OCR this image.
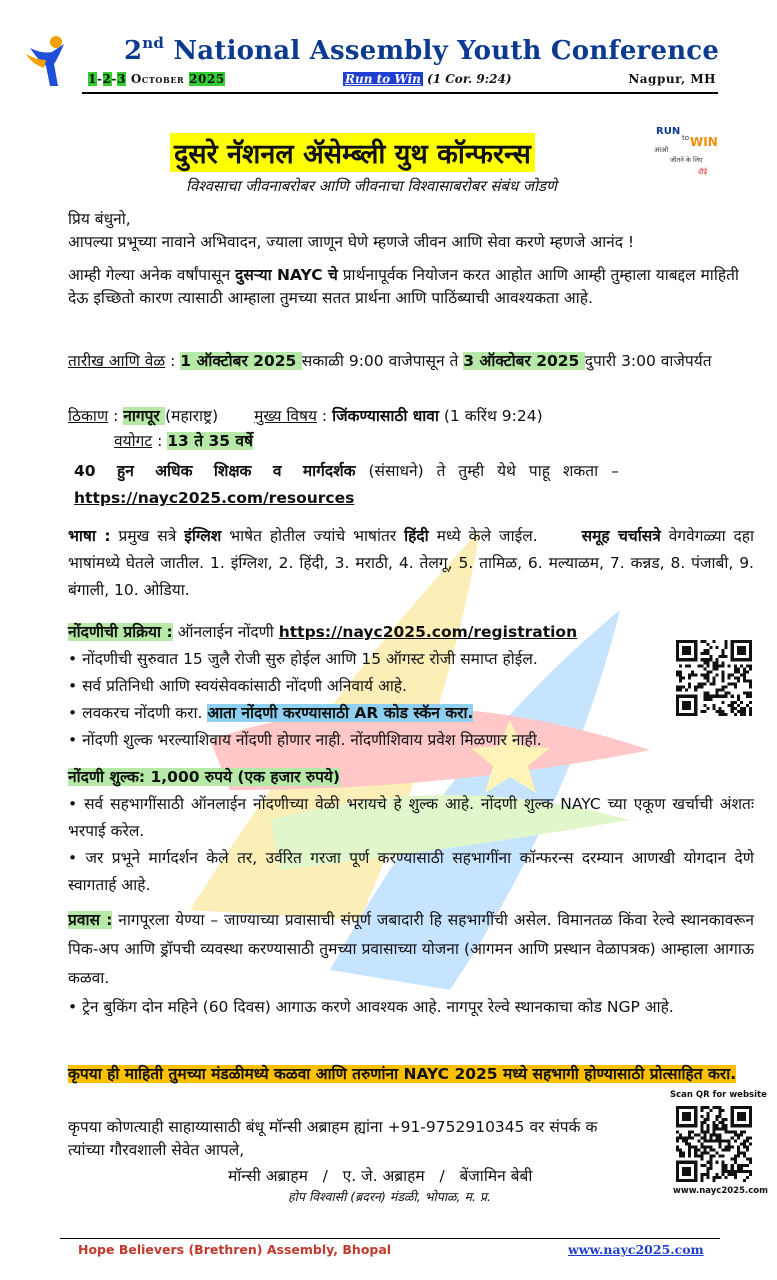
2nd National Assembly Youth Conference
1-2-3 October 2025	Run to Win (1 Cor. 9:24)	Nagpur, MH
दुसरे नॅशनल ॲसेम्ब्ली युथ कॉन्फरन्स
RUN
to WIN
आओ
जीतने के लिए
दौड़े
विश्वसाचा जीवनाबरोबर आणि जीवनाचा विश्वासाबरोबर संबंध जोडणे
प्रिय बंधुनो,
आपल्या प्रभूच्या नावाने अभिवादन, ज्याला जाणून घेणे म्हणजे जीवन आणि सेवा करणे म्हणजे आनंद !
आम्ही गेल्या अनेक वर्षांपासून दुसऱ्या NAYC चे प्रार्थनापूर्वक नियोजन करत आहोत आणि आम्ही तुम्हाला याबद्दल माहिती देऊ इच्छितो कारण त्यासाठी आम्हाला तुमच्या सतत प्रार्थना आणि पाठिंब्याची आवश्यकता आहे.
तारीख आणि वेळ : 1 ऑक्टोबर 2025 सकाळी 9:00 वाजेपासून ते 3 ऑक्टोबर 2025 दुपारी 3:00 वाजेपर्यत
ठिकाण : नागपूर (महाराष्ट्र) मुख्य विषय : जिंकण्यासाठी धावा (1 करिंथ 9:24)
वयोगट : 13 ते 35 वर्षे
40 हुन अधिक शिक्षक व मार्गदर्शक (संसाधने) ते तुम्ही येथे पाहू शकता –
https://nayc2025.com/resources
भाषा : प्रमुख सत्रे इंग्लिश भाषेत होतील ज्यांचे भाषांतर हिंदी मध्ये केले जाईल.	समूह चर्चासत्रे वेगवेगळ्या दहा भाषांमध्ये घेतले जातील. 1. इंग्लिश, 2. हिंदी, 3. मराठी, 4. तेलगू, 5. तामिळ, 6. मल्याळम, 7. कन्नड, 8. पंजाबी, 9. बंगाली, 10. ओडिया.
नोंदणीची प्रक्रिया : ऑनलाईन नोंदणी https://nayc2025.com/registration
• नोंदणीची सुरुवात 15 जुलै रोजी सुरु होईल आणि 15 ऑगस्ट रोजी समाप्त होईल.
• सर्व प्रतिनिधी आणि स्वयंसेवकांसाठी नोंदणी अनिवार्य आहे.
• लवकरच नोंदणी करा. आता नोंदणी करण्यासाठी AR कोड स्कॅन करा.
• नोंदणी शुल्क भरल्याशिवाय नोंदणी होणार नाही. नोंदणीशिवाय प्रवेश मिळणार नाही.
नोंदणी शुल्क: 1,000 रुपये (एक हजार रुपये)
• सर्व सहभागींसाठी ऑनलाईन नोंदणीच्या वेळी भरायचे हे शुल्क आहे. नोंदणी शुल्क NAYC च्या एकूण खर्चाची अंशतः भरपाई करेल.
• जर प्रभूने मार्गदर्शन केले तर, उर्वरित गरजा पूर्ण करण्यासाठी सहभागींना कॉन्फरन्स दरम्यान आणखी योगदान देणे स्वागतार्ह आहे.
प्रवास : नागपूरला येण्या – जाण्याच्या प्रवासाची संपूर्ण जबादारी हि सहभागींची असेल. विमानतळ किंवा रेल्वे स्थानकावरून पिक-अप आणि ड्रॉपची व्यवस्था करण्यासाठी तुमच्या प्रवासाच्या योजना (आगमन आणि प्रस्थान वेळापत्रक) आम्हाला आगाऊ कळवा.
• ट्रेन बुकिंग दोन महिने (60 दिवस) आगाऊ करणे आवश्यक आहे. नागपूर रेल्वे स्थानकाचा कोड NGP आहे.
कृपया ही माहिती तुमच्या मंडळीमध्ये कळवा आणि तरुणांना NAYC 2025 मध्ये सहभागी होण्यासाठी प्रोत्साहित करा.
कृपया कोणत्याही साहाय्यासाठी बंधू मॉन्सी अब्राहम ह्यांना +91-9752910345 वर संपर्क क
त्यांच्या गौरवशाली सेवेत आपले,
मॉन्सी अब्राहम   /   ए. जे. अब्राहम   /   बेंजामिन बेबी
होप विश्वासी (ब्रदरन) मंडळी, भोपाळ, म. प्र.
Scan QR for website
www.nayc2025.com
Hope Believers (Brethren) Assembly, Bhopal	www.nayc2025.com
